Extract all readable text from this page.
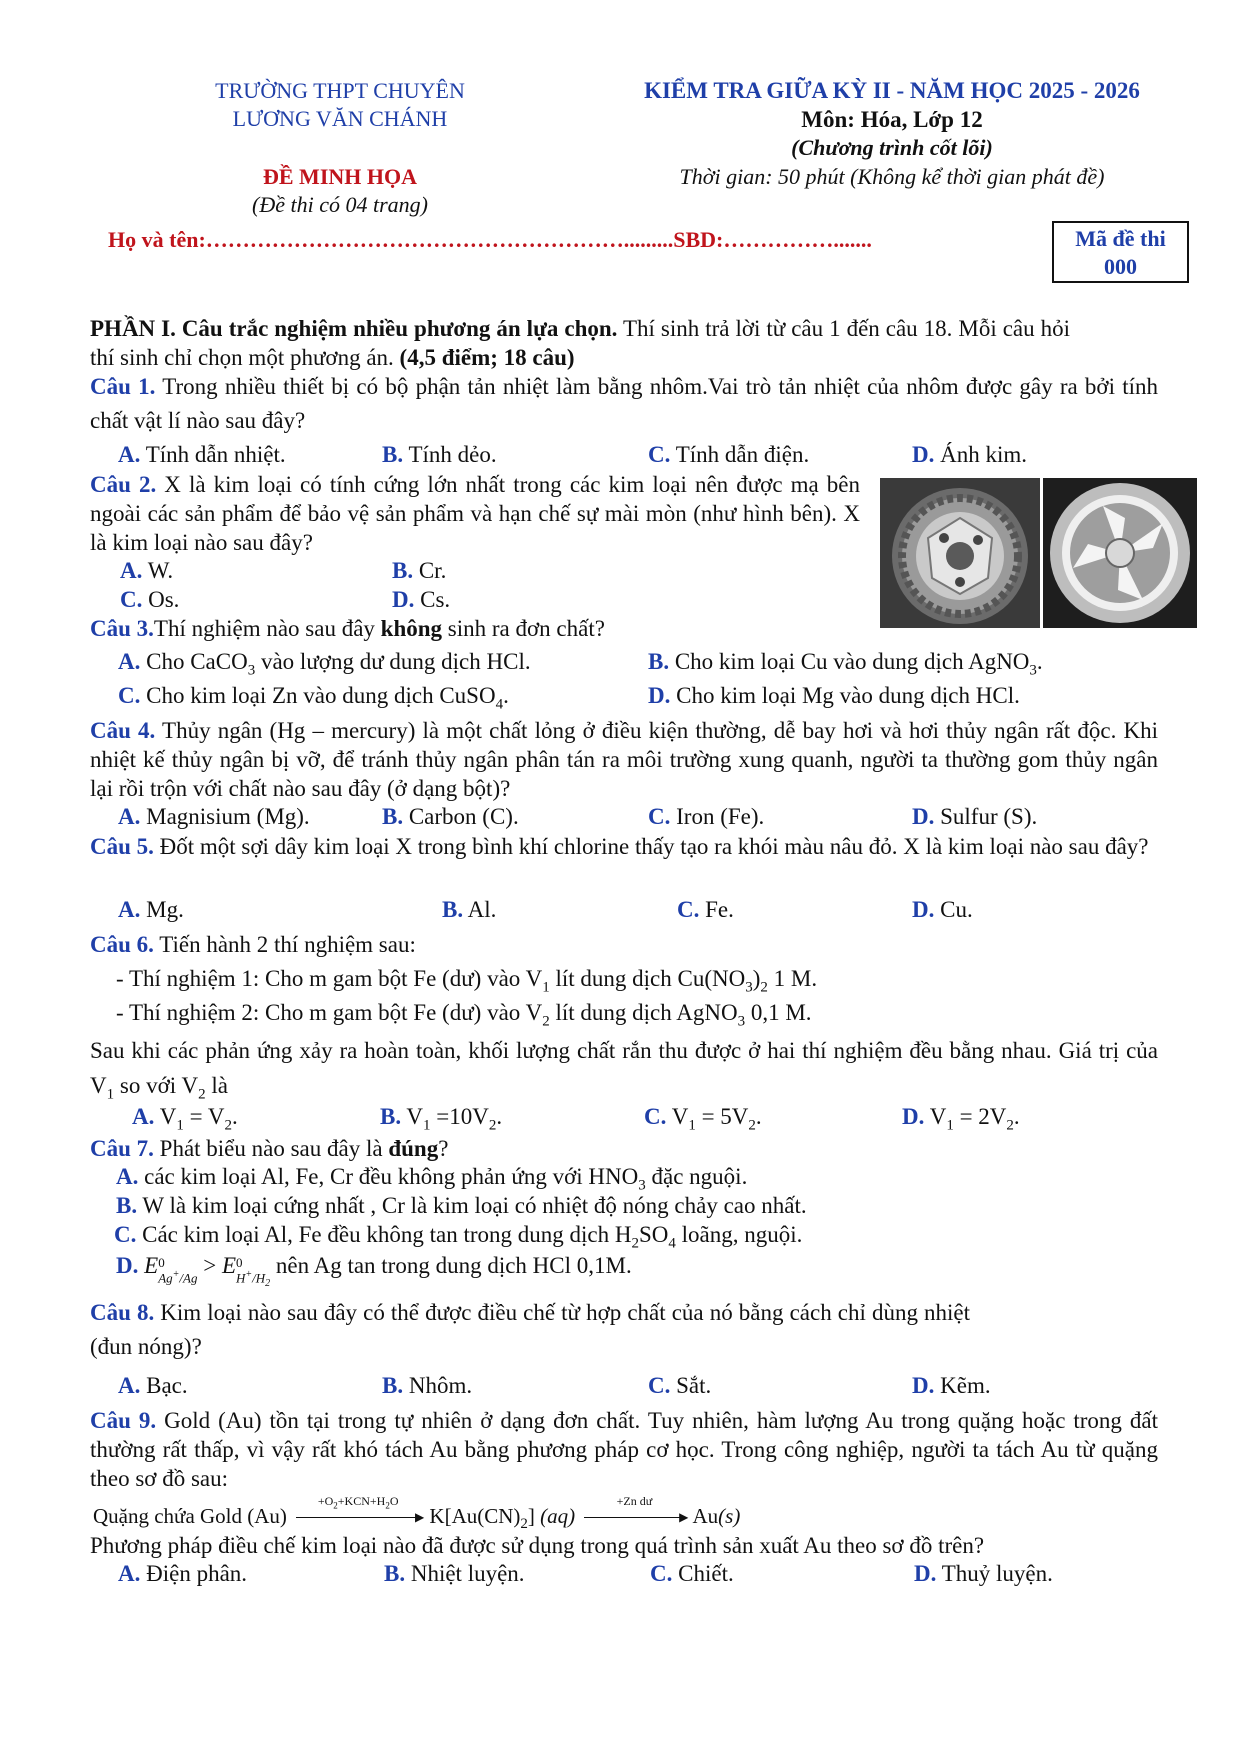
TRƯỜNG THPT CHUYÊN
LƯƠNG VĂN CHÁNH
KIỂM TRA GIỮA KỲ II - NĂM HỌC 2025 - 2026
Môn: Hóa, Lớp 12
(Chương trình cốt lõi)
ĐỀ MINH HỌA	Thời gian: 50 phút (Không kể thời gian phát đề)
(Đề thi có 04 trang)
Họ và tên:………………………………………………….........SBD:…………….......	Mã đề thi
000
PHẦN I. Câu trắc nghiệm nhiều phương án lựa chọn. Thí sinh trả lời từ câu 1 đến câu 18. Mỗi câu hỏi thí sinh chỉ chọn một phương án. (4,5 điểm; 18 câu)
Câu 1. Trong nhiều thiết bị có bộ phận tản nhiệt làm bằng nhôm.Vai trò tản nhiệt của nhôm được gây ra bởi tính chất vật lí nào sau đây?
A. Tính dẫn nhiệt.	B. Tính dẻo.	C. Tính dẫn điện.	D. Ánh kim.
Câu 2. X là kim loại có tính cứng lớn nhất trong các kim loại nên được mạ bên ngoài các sản phẩm để bảo vệ sản phẩm và hạn chế sự mài mòn (như hình bên). X là kim loại nào sau đây?
A. W.	B. Cr.
C. Os.	D. Cs.
Câu 3.Thí nghiệm nào sau đây không sinh ra đơn chất?
A. Cho CaCO$_3$ vào lượng dư dung dịch HCl.	B. Cho kim loại Cu vào dung dịch AgNO$_3$.
C. Cho kim loại Zn vào dung dịch CuSO$_4$.	D. Cho kim loại Mg vào dung dịch HCl.
Câu 4. Thủy ngân (Hg – mercury) là một chất lỏng ở điều kiện thường, dễ bay hơi và hơi thủy ngân rất độc. Khi nhiệt kế thủy ngân bị vỡ, để tránh thủy ngân phân tán ra môi trường xung quanh, người ta thường gom thủy ngân lại rồi trộn với chất nào sau đây (ở dạng bột)?
A. Magnisium (Mg).	B. Carbon (C).	C. Iron (Fe).	D. Sulfur (S).
Câu 5. Đốt một sợi dây kim loại X trong bình khí chlorine thấy tạo ra khói màu nâu đỏ. X là kim loại nào sau đây?
A. Mg.	B. Al.	C. Fe.	D. Cu.
Câu 6. Tiến hành 2 thí nghiệm sau:
- Thí nghiệm 1: Cho m gam bột Fe (dư) vào $V_1$ lít dung dịch $Cu(NO_3)_2$ 1 M.
- Thí nghiệm 2: Cho m gam bột Fe (dư) vào $V_2$ lít dung dịch AgNO$_3$ 0,1 M.
Sau khi các phản ứng xảy ra hoàn toàn, khối lượng chất rắn thu được ở hai thí nghiệm đều bằng nhau. Giá trị của $V_1$ so với $V_2$ là
A. $V_1 = V_2$.	B. $V_1 =10V_2$.	C. $V_1 = 5V_2$.	D. $V_1 = 2V_2$.
Câu 7. Phát biểu nào sau đây là đúng?
A. các kim loại Al, Fe, Cr đều không phản ứng với $HNO_3$ đặc nguội.
B. W là kim loại cứng nhất , Cr là kim loại có nhiệt độ nóng chảy cao nhất.
C. Các kim loại Al, Fe đều không tan trong dung dịch $H_2SO_4$ loãng, nguội.
D. E 0
Ag+/Ag > E 0
$H^+/H_2$
nên Ag tan trong dung dịch HCl 0,1M.
Câu 8. Kim loại nào sau đây có thể được điều chế từ hợp chất của nó bằng cách chỉ dùng nhiệt (đun nóng)?
A. Bạc.	B. Nhôm.	C. Sắt.	D. Kẽm.
Câu 9. Gold (Au) tồn tại trong tự nhiên ở dạng đơn chất. Tuy nhiên, hàm lượng Au trong quặng hoặc trong đất thường rất thấp, vì vậy rất khó tách Au bằng phương pháp cơ học. Trong công nghiệp, người ta tách Au từ quặng theo sơ đồ sau:
Quặng chứa Gold (Au)
$+O_2+KCN+H_2O$
▶ $K[Au(CN)_2]$ (aq)
+Zn dư
▶ Au(s)
Phương pháp điều chế kim loại nào đã được sử dụng trong quá trình sản xuất Au theo sơ đồ trên?
A. Điện phân.	B. Nhiệt luyện.	C. Chiết.	D. Thuỷ luyện.
